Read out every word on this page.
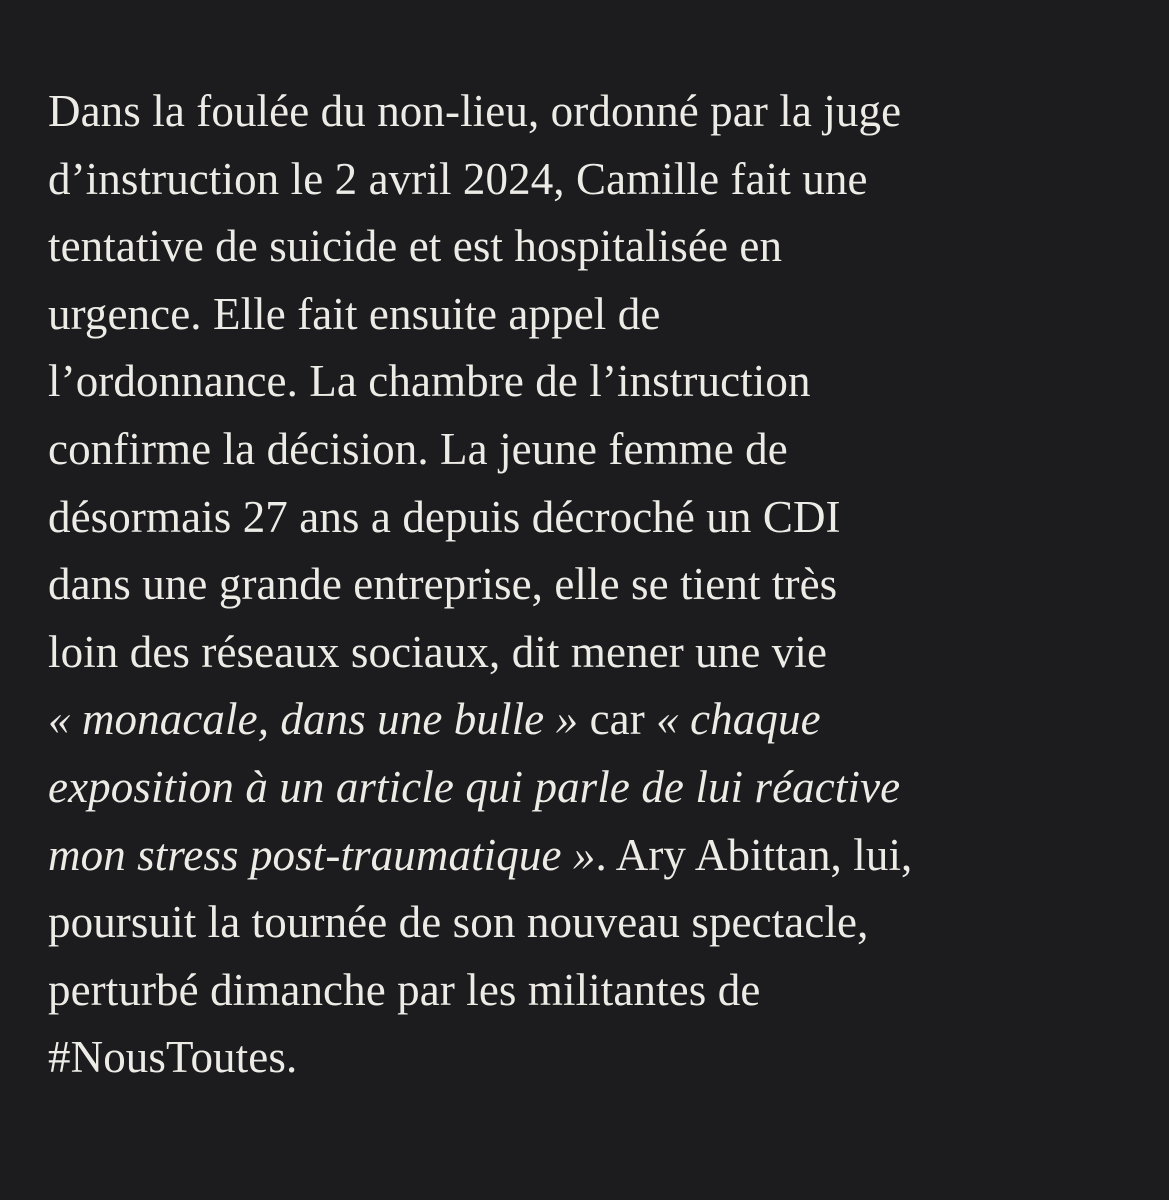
Dans la foulée du non-lieu, ordonné par la juge
d’instruction le 2 avril 2024, Camille fait une
tentative de suicide et est hospitalisée en
urgence. Elle fait ensuite appel de
l’ordonnance. La chambre de l’instruction
confirme la décision. La jeune femme de
désormais 27 ans a depuis décroché un CDI
dans une grande entreprise, elle se tient très
loin des réseaux sociaux, dit mener une vie
« monacale, dans une bulle » car « chaque
exposition à un article qui parle de lui réactive
mon stress post-traumatique ». Ary Abittan, lui,
poursuit la tournée de son nouveau spectacle,
perturbé dimanche par les militantes de
#NousToutes.
